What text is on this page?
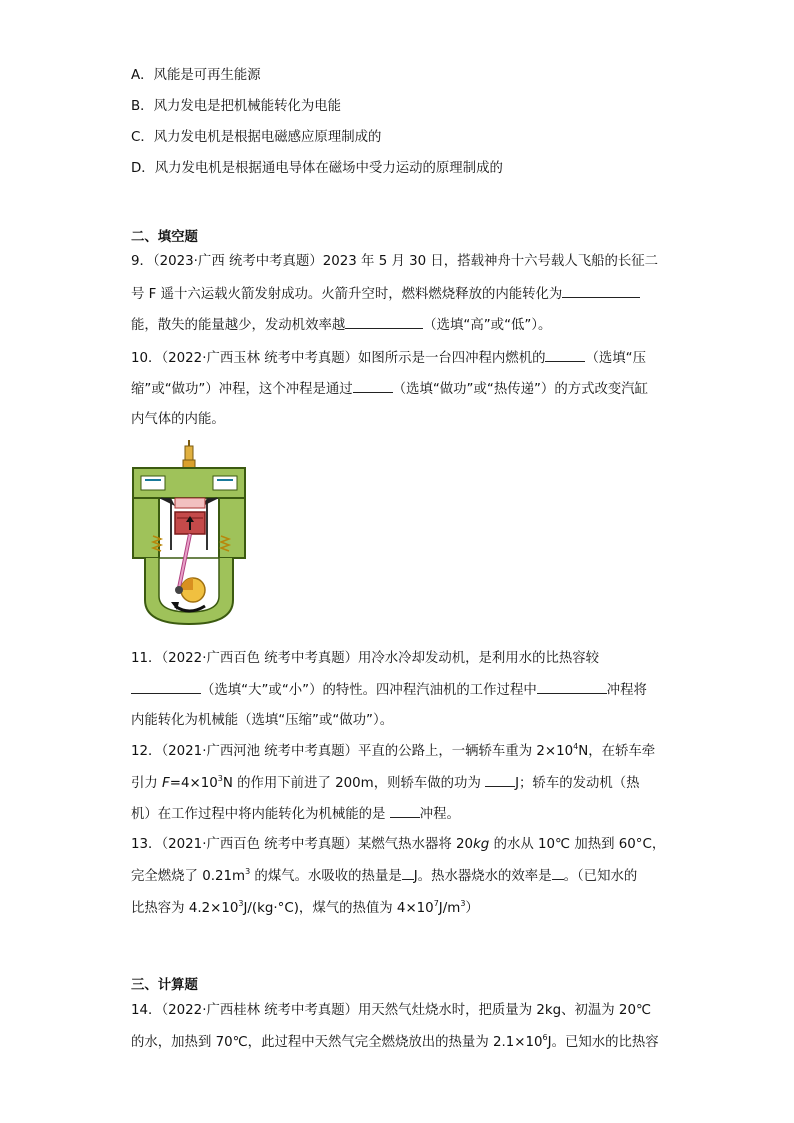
A．风能是可再生能源
B．风力发电是把机械能转化为电能
C．风力发电机是根据电磁感应原理制成的
D．风力发电机是根据通电导体在磁场中受力运动的原理制成的
二、填空题
9．（2023·广西 统考中考真题）2023 年 5 月 30 日，搭载神舟十六号载人飞船的长征二
号 F 遥十六运载火箭发射成功。火箭升空时，燃料燃烧释放的内能转化为
能，散失的能量越少，发动机效率越	（选填“高”或“低”）。
10．（2022·广西玉林 统考中考真题）如图所示是一台四冲程内燃机的	（选填“压
缩”或“做功”）冲程，这个冲程是通过	（选填“做功”或“热传递”）的方式改变汽缸
内气体的内能。
11．（2022·广西百色 统考中考真题）用冷水冷却发动机，是利用水的比热容较
（选填“大”或“小”）的特性。四冲程汽油机的工作过程中	冲程将
内能转化为机械能（选填“压缩”或“做功”）。
12．（2021·广西河池 统考中考真题）平直的公路上，一辆轿车重为 $2\times 10^4N$，在轿车牵
引力 $F=4\times 10^3N$ 的作用下前进了 200m，则轿车做的功为 J；轿车的发动机（热
机）在工作过程中将内能转化为机械能的是 冲程。
13．（2021·广西百色 统考中考真题）某燃气热水器将 20kg 的水从 10℃ 加热到 60°C，
完全燃烧了 $0.21m^3$ 的煤气。水吸收的热量是 J。热水器烧水的效率是 。（已知水的
比热容为 $4.2\times 10^3J/(kg\cdot^\circ C)$，煤气的热值为 $4\times 10^7J/m^3$）
三、计算题
14．（2022·广西桂林 统考中考真题）用天然气灶烧水时，把质量为 2kg、初温为 20℃
的水，加热到 70℃，此过程中天然气完全燃烧放出的热量为 $2.1\times 10^6J$。已知水的比热容
